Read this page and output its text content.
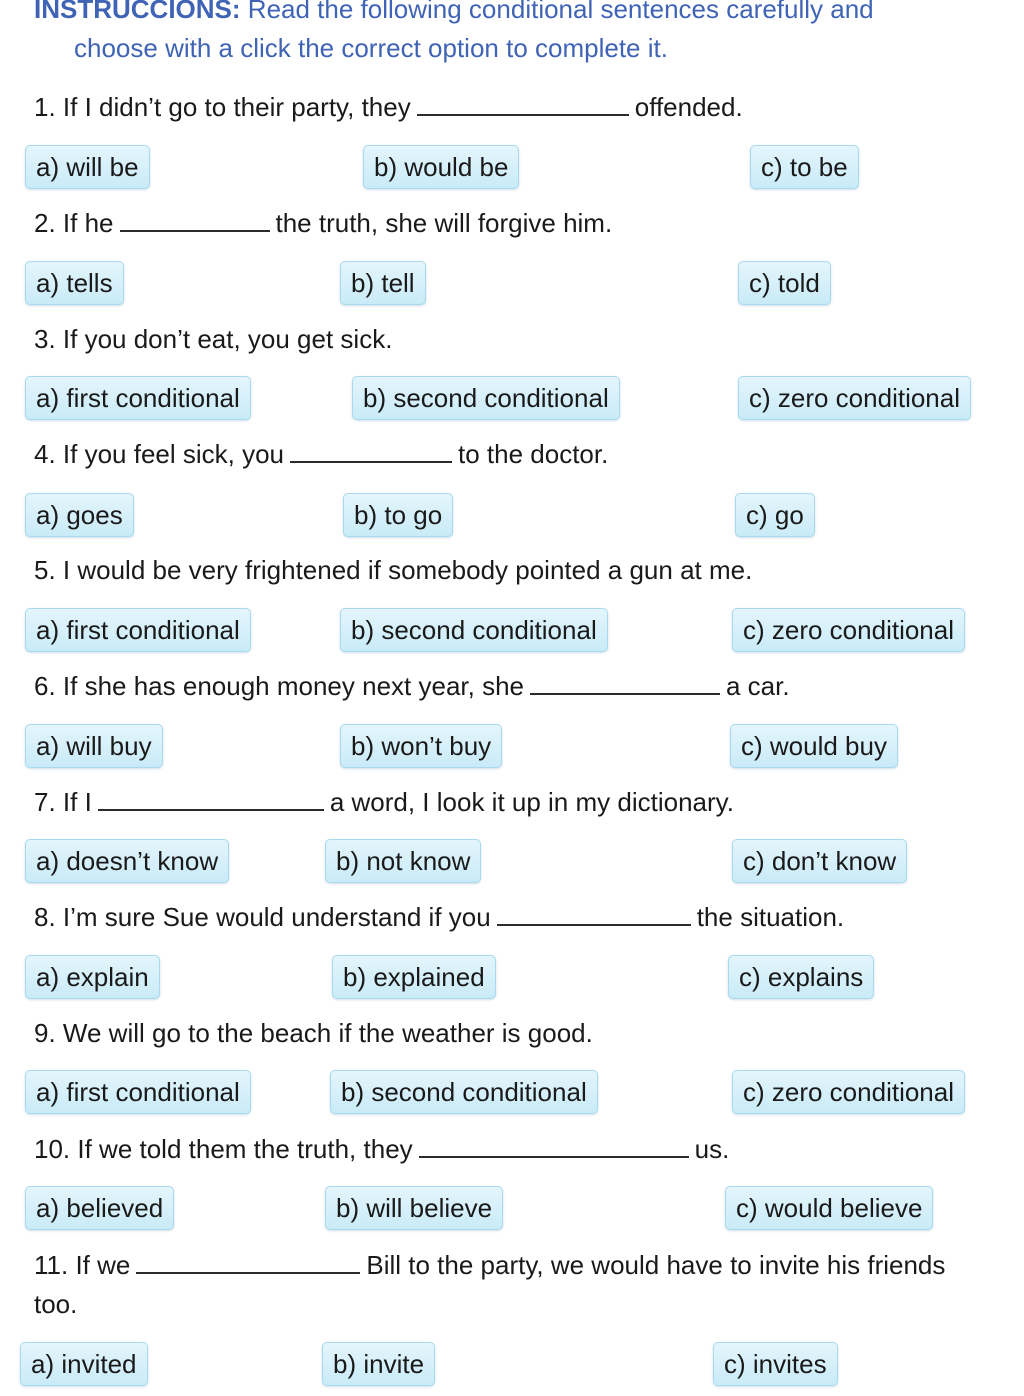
INSTRUCCIONS: Read the following conditional sentences carefully and
choose with a click the correct option to complete it.
1. If I didn’t go to their party, they	offended.
a) will be	b) would be	c) to be
2. If he	the truth, she will forgive him.
a) tells	b) tell	c) told
3. If you don’t eat, you get sick.
a) first conditional	b) second conditional	c) zero conditional
4. If you feel sick, you	to the doctor.
a) goes	b) to go	c) go
5. I would be very frightened if somebody pointed a gun at me.
a) first conditional	b) second conditional	c) zero conditional
6. If she has enough money next year, she	a car.
a) will buy	b) won’t buy	c) would buy
7. If I	a word, I look it up in my dictionary.
a) doesn’t know	b) not know	c) don’t know
8. I’m sure Sue would understand if you	the situation.
a) explain	b) explained	c) explains
9. We will go to the beach if the weather is good.
a) first conditional	b) second conditional	c) zero conditional
10. If we told them the truth, they	us.
a) believed	b) will believe	c) would believe
11. If we	Bill to the party, we would have to invite his friends too.
a) invited	b) invite	c) invites
